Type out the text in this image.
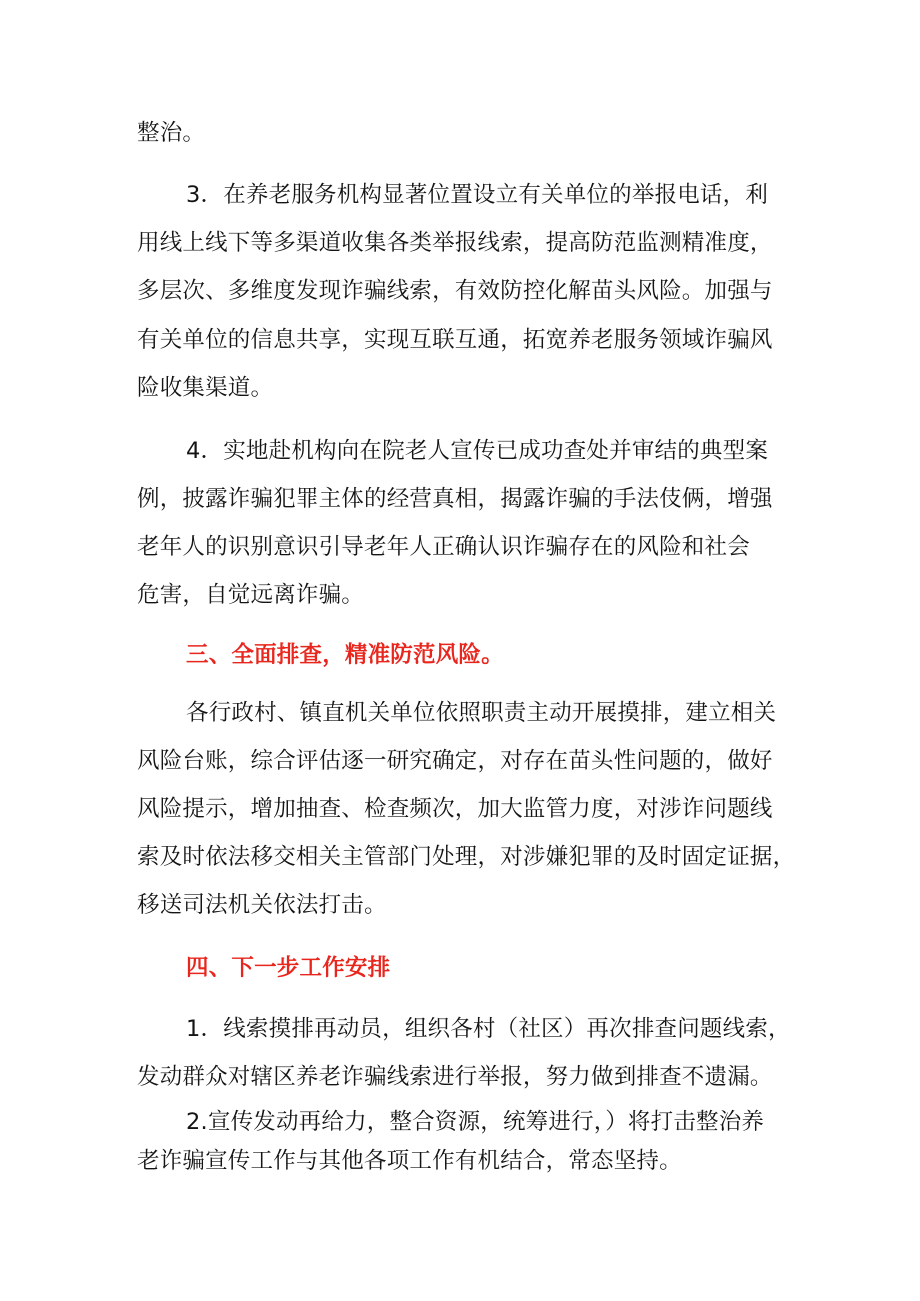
整治。

3．在养老服务机构显著位置设立有关单位的举报电话，利

用线上线下等多渠道收集各类举报线索，提高防范监测精准度，

多层次、多维度发现诈骗线索，有效防控化解苗头风险。加强与

有关单位的信息共享，实现互联互通，拓宽养老服务领域诈骗风

险收集渠道。

4．实地赴机构向在院老人宣传已成功查处并审结的典型案

例，披露诈骗犯罪主体的经营真相，揭露诈骗的手法伎俩，增强

老年人的识别意识引导老年人正确认识诈骗存在的风险和社会

危害，自觉远离诈骗。

三、全面排查，精准防范风险。

各行政村、镇直机关单位依照职责主动开展摸排，建立相关

风险台账，综合评估逐一研究确定，对存在苗头性问题的，做好

风险提示，增加抽查、检查频次，加大监管力度，对涉诈问题线

索及时依法移交相关主管部门处理，对涉嫌犯罪的及时固定证据，

移送司法机关依法打击。

四、下一步工作安排

1．线索摸排再动员，组织各村（社区）再次排查问题线索，

发动群众对辖区养老诈骗线索进行举报，努力做到排查不遗漏。

2.宣传发动再给力，整合资源，统筹进行，）将打击整治养

老诈骗宣传工作与其他各项工作有机结合，常态坚持。
